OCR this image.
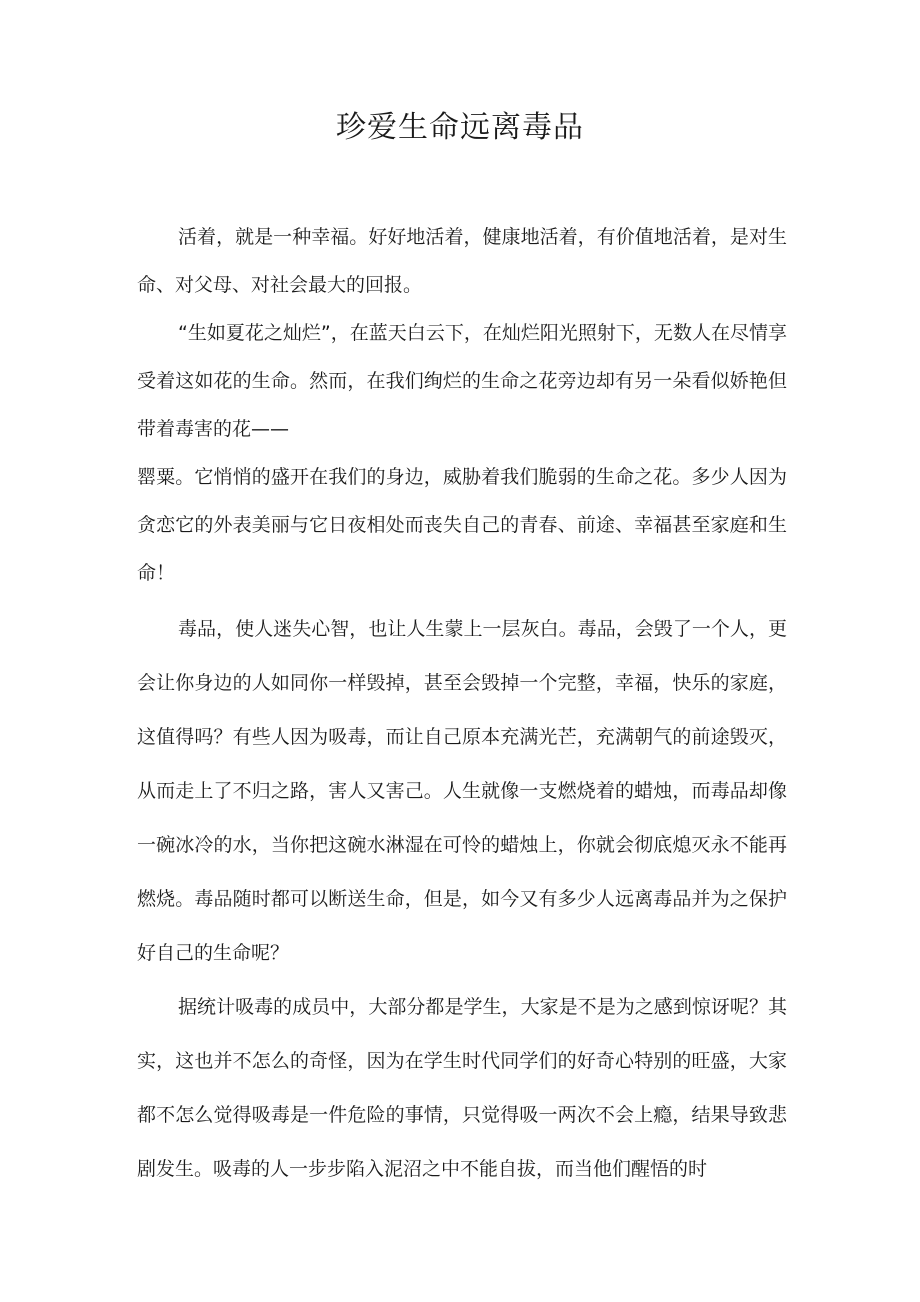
珍爱生命远离毒品

活着，就是一种幸福。好好地活着，健康地活着，有价值地活着，是对生命、对父母、对社会最大的回报。

“生如夏花之灿烂”，在蓝天白云下，在灿烂阳光照射下，无数人在尽情享受着这如花的生命。然而，在我们绚烂的生命之花旁边却有另一朵看似娇艳但带着毒害的花——

罂粟。它悄悄的盛开在我们的身边，威胁着我们脆弱的生命之花。多少人因为贪恋它的外表美丽与它日夜相处而丧失自己的青春、前途、幸福甚至家庭和生命！

毒品，使人迷失心智，也让人生蒙上一层灰白。毒品，会毁了一个人，更会让你身边的人如同你一样毁掉，甚至会毁掉一个完整，幸福，快乐的家庭，这值得吗？有些人因为吸毒，而让自己原本充满光芒，充满朝气的前途毁灭，从而走上了不归之路，害人又害己。人生就像一支燃烧着的蜡烛，而毒品却像一碗冰冷的水，当你把这碗水淋湿在可怜的蜡烛上，你就会彻底熄灭永不能再燃烧。毒品随时都可以断送生命，但是，如今又有多少人远离毒品并为之保护好自己的生命呢？

据统计吸毒的成员中，大部分都是学生，大家是不是为之感到惊讶呢？其实，这也并不怎么的奇怪，因为在学生时代同学们的好奇心特别的旺盛，大家都不怎么觉得吸毒是一件危险的事情，只觉得吸一两次不会上瘾，结果导致悲剧发生。吸毒的人一步步陷入泥沼之中不能自拔，而当他们醒悟的时
